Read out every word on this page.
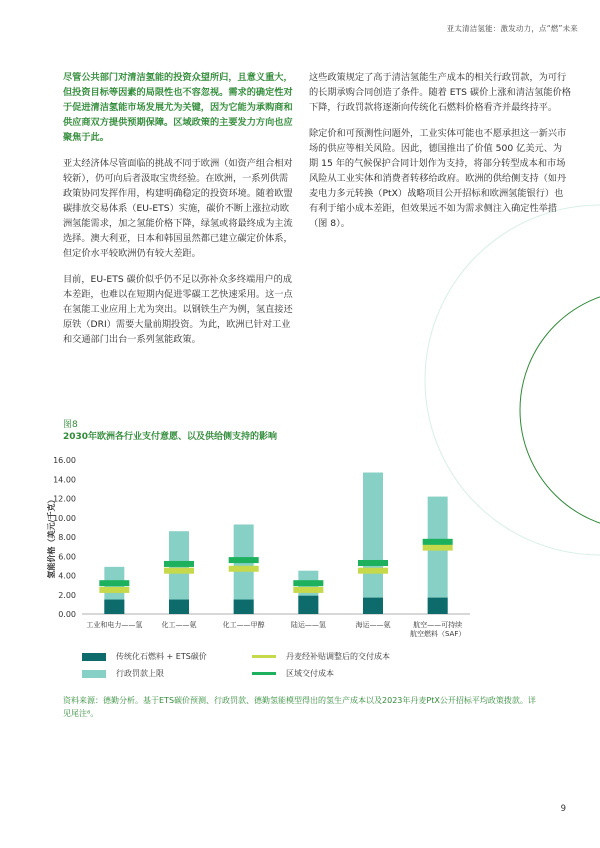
亚太清洁氢能：激发动力，点“燃”未来

尽管公共部门对清洁氢能的投资众望所归，且意义重大，但投资目标等因素的局限性也不容忽视。需求的确定性对于促进清洁氢能市场发展尤为关键，因为它能为承购商和供应商双方提供预期保障。区域政策的主要发力方向也应聚焦于此。

亚太经济体尽管面临的挑战不同于欧洲（如资产组合相对较新），仍可向后者汲取宝贵经验。在欧洲，一系列供需政策协同发挥作用，构建明确稳定的投资环境。随着欧盟碳排放交易体系（EU-ETS）实施，碳价不断上涨拉动欧洲氢能需求，加之氢能价格下降，绿氢或将最终成为主流选择。澳大利亚，日本和韩国虽然都已建立碳定价体系，但定价水平较欧洲仍有较大差距。

目前，EU-ETS 碳价似乎仍不足以弥补众多终端用户的成本差距，也难以在短期内促进零碳工艺快速采用。这一点在氢能工业应用上尤为突出。以钢铁生产为例，氢直接还原铁（DRI）需要大量前期投资。为此，欧洲已针对工业和交通部门出台一系列氢能政策。

这些政策规定了高于清洁氢能生产成本的相关行政罚款，为可行的长期承购合同创造了条件。随着 ETS 碳价上涨和清洁氢能价格下降，行政罚款将逐渐向传统化石燃料价格看齐并最终持平。

除定价和可预测性问题外，工业实体可能也不愿承担这一新兴市场的供应等相关风险。因此，德国推出了价值 500 亿美元、为期 15 年的气候保护合同计划作为支持，将部分转型成本和市场风险从工业实体和消费者转移给政府。欧洲的供给侧支持（如丹麦电力多元转换（PtX）战略项目公开招标和欧洲氢能银行）也有利于缩小成本差距，但效果远不如为需求侧注入确定性举措（图 8）。

图8
2030年欧洲各行业支付意愿、以及供给侧支持的影响
0.00
2.00
4.00
6.00
8.00
10.00
12.00
14.00
16.00
氢能价格（美元/千克）
工业和电力——氢	化工——氨	化工——甲醇	陆运——氢	海运——氨	航空——可持续
航空燃料（SAF）
传统化石燃料 + ETS碳价	丹麦经补贴调整后的交付成本
行政罚款上限	区域交付成本
资料来源：德勤分析。基于ETS碳价预测、行政罚款、德勤氢能模型得出的氢生产成本以及2023年丹麦PtX公开招标平均政策拨款。详见尾注⁸。
9
